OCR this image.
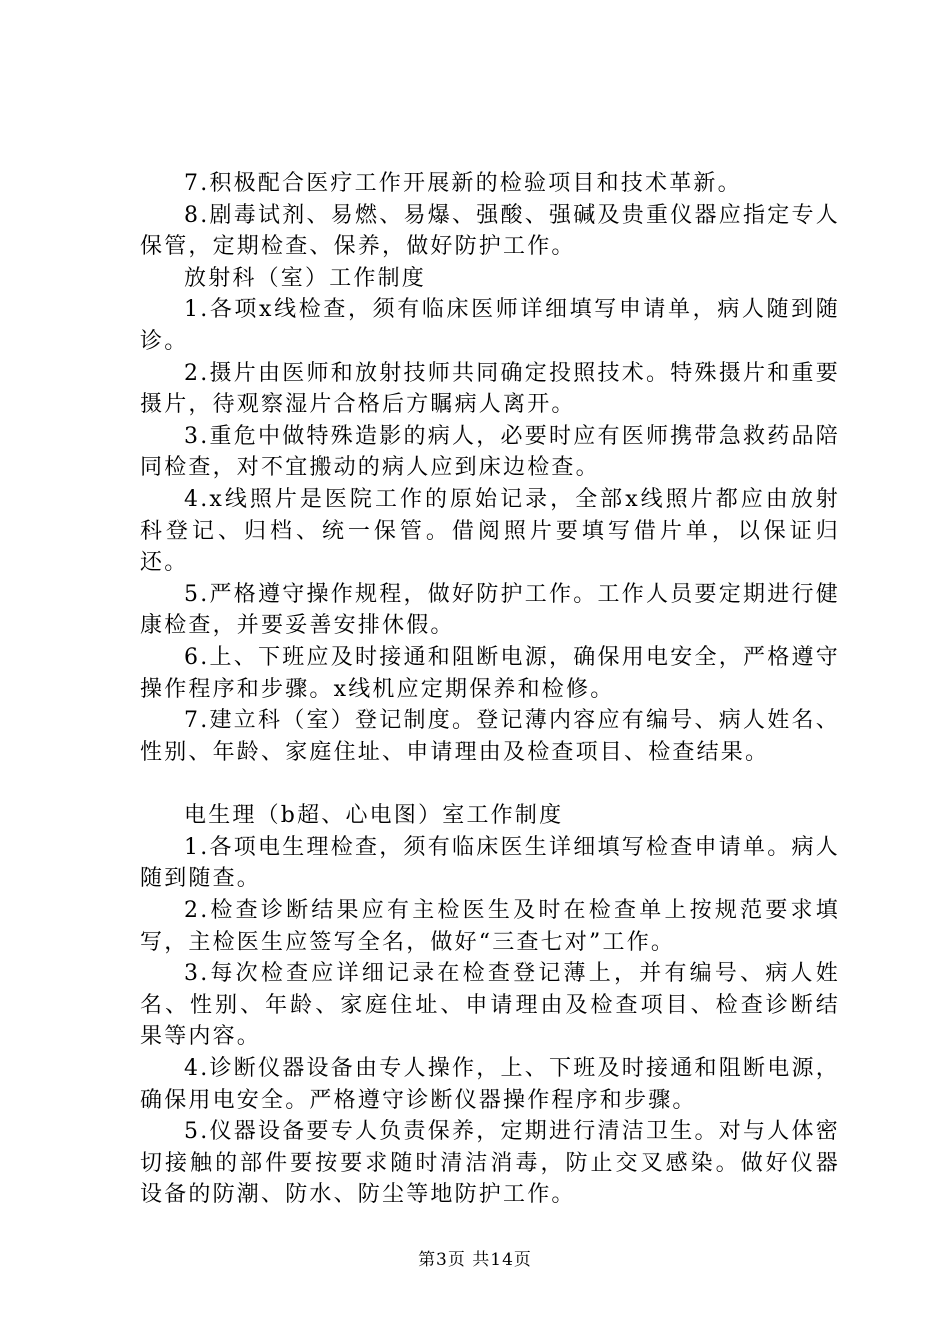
7.积极配合医疗工作开展新的检验项目和技术革新。

8.剧毒试剂、易燃、易爆、强酸、强碱及贵重仪器应指定专人保管，定期检查、保养，做好防护工作。

放射科（室）工作制度

1.各项x线检查，须有临床医师详细填写申请单，病人随到随诊。

2.摄片由医师和放射技师共同确定投照技术。特殊摄片和重要摄片，待观察湿片合格后方瞩病人离开。

3.重危中做特殊造影的病人，必要时应有医师携带急救药品陪同检查，对不宜搬动的病人应到床边检查。

4.x线照片是医院工作的原始记录，全部x线照片都应由放射科登记、归档、统一保管。借阅照片要填写借片单，以保证归还。

5.严格遵守操作规程，做好防护工作。工作人员要定期进行健康检查，并要妥善安排休假。

6.上、下班应及时接通和阻断电源，确保用电安全，严格遵守操作程序和步骤。x线机应定期保养和检修。

7.建立科（室）登记制度。登记薄内容应有编号、病人姓名、性别、年龄、家庭住址、申请理由及检查项目、检查结果。

电生理（b超、心电图）室工作制度

1.各项电生理检查，须有临床医生详细填写检查申请单。病人随到随查。

2.检查诊断结果应有主检医生及时在检查单上按规范要求填写，主检医生应签写全名，做好“三查七对”工作。

3.每次检查应详细记录在检查登记薄上，并有编号、病人姓名、性别、年龄、家庭住址、申请理由及检查项目、检查诊断结果等内容。

4.诊断仪器设备由专人操作，上、下班及时接通和阻断电源，确保用电安全。严格遵守诊断仪器操作程序和步骤。

5.仪器设备要专人负责保养，定期进行清洁卫生。对与人体密切接触的部件要按要求随时清洁消毒，防止交叉感染。做好仪器设备的防潮、防水、防尘等地防护工作。

第3页 共14页
